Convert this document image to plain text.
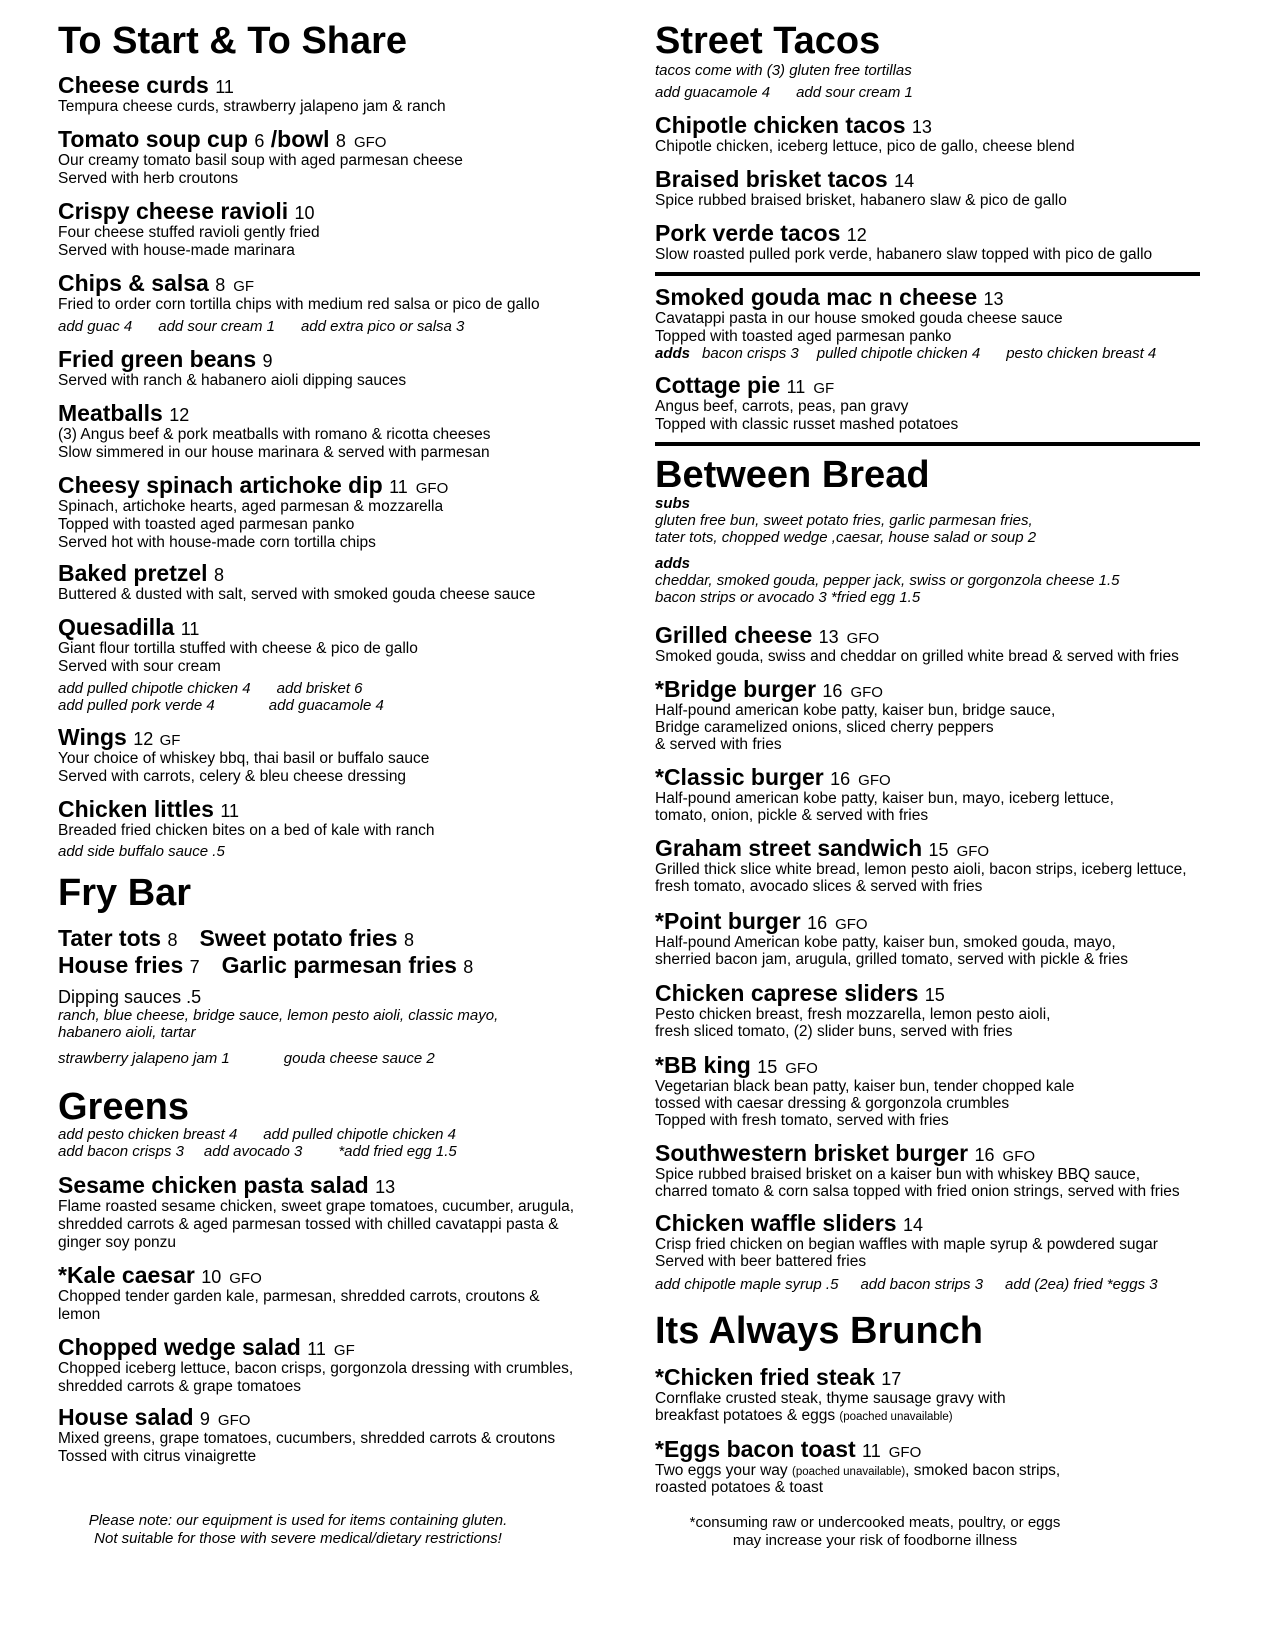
To Start & To Share
Cheese curds 11
Tempura cheese curds, strawberry jalapeno jam & ranch
Tomato soup cup 6 /bowl 8 GFO
Our creamy tomato basil soup with aged parmesan cheese
Served with herb croutons
Crispy cheese ravioli 10
Four cheese stuffed ravioli gently fried
Served with house-made marinara
Chips & salsa 8 GF
Fried to order corn tortilla chips with medium red salsa or pico de gallo
add guac 4 add sour cream 1 add extra pico or salsa 3
Fried green beans 9
Served with ranch & habanero aioli dipping sauces
Meatballs 12
(3) Angus beef & pork meatballs with romano & ricotta cheeses
Slow simmered in our house marinara & served with parmesan
Cheesy spinach artichoke dip 11 GFO
Spinach, artichoke hearts, aged parmesan & mozzarella
Topped with toasted aged parmesan panko
Served hot with house-made corn tortilla chips
Baked pretzel 8
Buttered & dusted with salt, served with smoked gouda cheese sauce
Quesadilla 11
Giant flour tortilla stuffed with cheese & pico de gallo
Served with sour cream
add pulled chipotle chicken 4 add brisket 6
add pulled pork verde 4	add guacamole 4
Wings 12 GF
Your choice of whiskey bbq, thai basil or buffalo sauce
Served with carrots, celery & bleu cheese dressing
Chicken littles 11
Breaded fried chicken bites on a bed of kale with ranch
add side buffalo sauce .5
Fry Bar
Tater tots 8 Sweet potato fries 8
House fries 7 Garlic parmesan fries 8
Dipping sauces .5
ranch, blue cheese, bridge sauce, lemon pesto aioli, classic mayo,
habanero aioli, tartar
strawberry jalapeno jam 1	gouda cheese sauce 2
Greens
add pesto chicken breast 4 add pulled chipotle chicken 4
add bacon crisps 3 add avocado 3 *add fried egg 1.5
Sesame chicken pasta salad 13
Flame roasted sesame chicken, sweet grape tomatoes, cucumber, arugula,
shredded carrots & aged parmesan tossed with chilled cavatappi pasta &
ginger soy ponzu
*Kale caesar 10 GFO
Chopped tender garden kale, parmesan, shredded carrots, croutons &
lemon
Chopped wedge salad 11 GF
Chopped iceberg lettuce, bacon crisps, gorgonzola dressing with crumbles,
shredded carrots & grape tomatoes
House salad 9 GFO
Mixed greens, grape tomatoes, cucumbers, shredded carrots & croutons
Tossed with citrus vinaigrette
Please note: our equipment is used for items containing gluten.
Not suitable for those with severe medical/dietary restrictions!
Street Tacos
tacos come with (3) gluten free tortillas
add guacamole 4 add sour cream 1
Chipotle chicken tacos 13
Chipotle chicken, iceberg lettuce, pico de gallo, cheese blend
Braised brisket tacos 14
Spice rubbed braised brisket, habanero slaw & pico de gallo
Pork verde tacos 12
Slow roasted pulled pork verde, habanero slaw topped with pico de gallo
Smoked gouda mac n cheese 13
Cavatappi pasta in our house smoked gouda cheese sauce
Topped with toasted aged parmesan panko
adds bacon crisps 3 pulled chipotle chicken 4 pesto chicken breast 4
Cottage pie 11 GF
Angus beef, carrots, peas, pan gravy
Topped with classic russet mashed potatoes
Between Bread
subs
gluten free bun, sweet potato fries, garlic parmesan fries,
tater tots, chopped wedge ,caesar, house salad or soup 2
adds
cheddar, smoked gouda, pepper jack, swiss or gorgonzola cheese 1.5
bacon strips or avocado 3 *fried egg 1.5
Grilled cheese 13 GFO
Smoked gouda, swiss and cheddar on grilled white bread & served with fries
*Bridge burger 16 GFO
Half-pound american kobe patty, kaiser bun, bridge sauce,
Bridge caramelized onions, sliced cherry peppers
& served with fries
*Classic burger 16 GFO
Half-pound american kobe patty, kaiser bun, mayo, iceberg lettuce,
tomato, onion, pickle & served with fries
Graham street sandwich 15 GFO
Grilled thick slice white bread, lemon pesto aioli, bacon strips, iceberg lettuce,
fresh tomato, avocado slices & served with fries
*Point burger 16 GFO
Half-pound American kobe patty, kaiser bun, smoked gouda, mayo,
sherried bacon jam, arugula, grilled tomato, served with pickle & fries
Chicken caprese sliders 15
Pesto chicken breast, fresh mozzarella, lemon pesto aioli,
fresh sliced tomato, (2) slider buns, served with fries
*BB king 15 GFO
Vegetarian black bean patty, kaiser bun, tender chopped kale
tossed with caesar dressing & gorgonzola crumbles
Topped with fresh tomato, served with fries
Southwestern brisket burger 16 GFO
Spice rubbed braised brisket on a kaiser bun with whiskey BBQ sauce,
charred tomato & corn salsa topped with fried onion strings, served with fries
Chicken waffle sliders 14
Crisp fried chicken on begian waffles with maple syrup & powdered sugar
Served with beer battered fries
add chipotle maple syrup .5 add bacon strips 3 add (2ea) fried *eggs 3
Its Always Brunch
*Chicken fried steak 17
Cornflake crusted steak, thyme sausage gravy with
breakfast potatoes & eggs (poached unavailable)
*Eggs bacon toast 11 GFO
Two eggs your way (poached unavailable), smoked bacon strips,
roasted potatoes & toast
*consuming raw or undercooked meats, poultry, or eggs
may increase your risk of foodborne illness
